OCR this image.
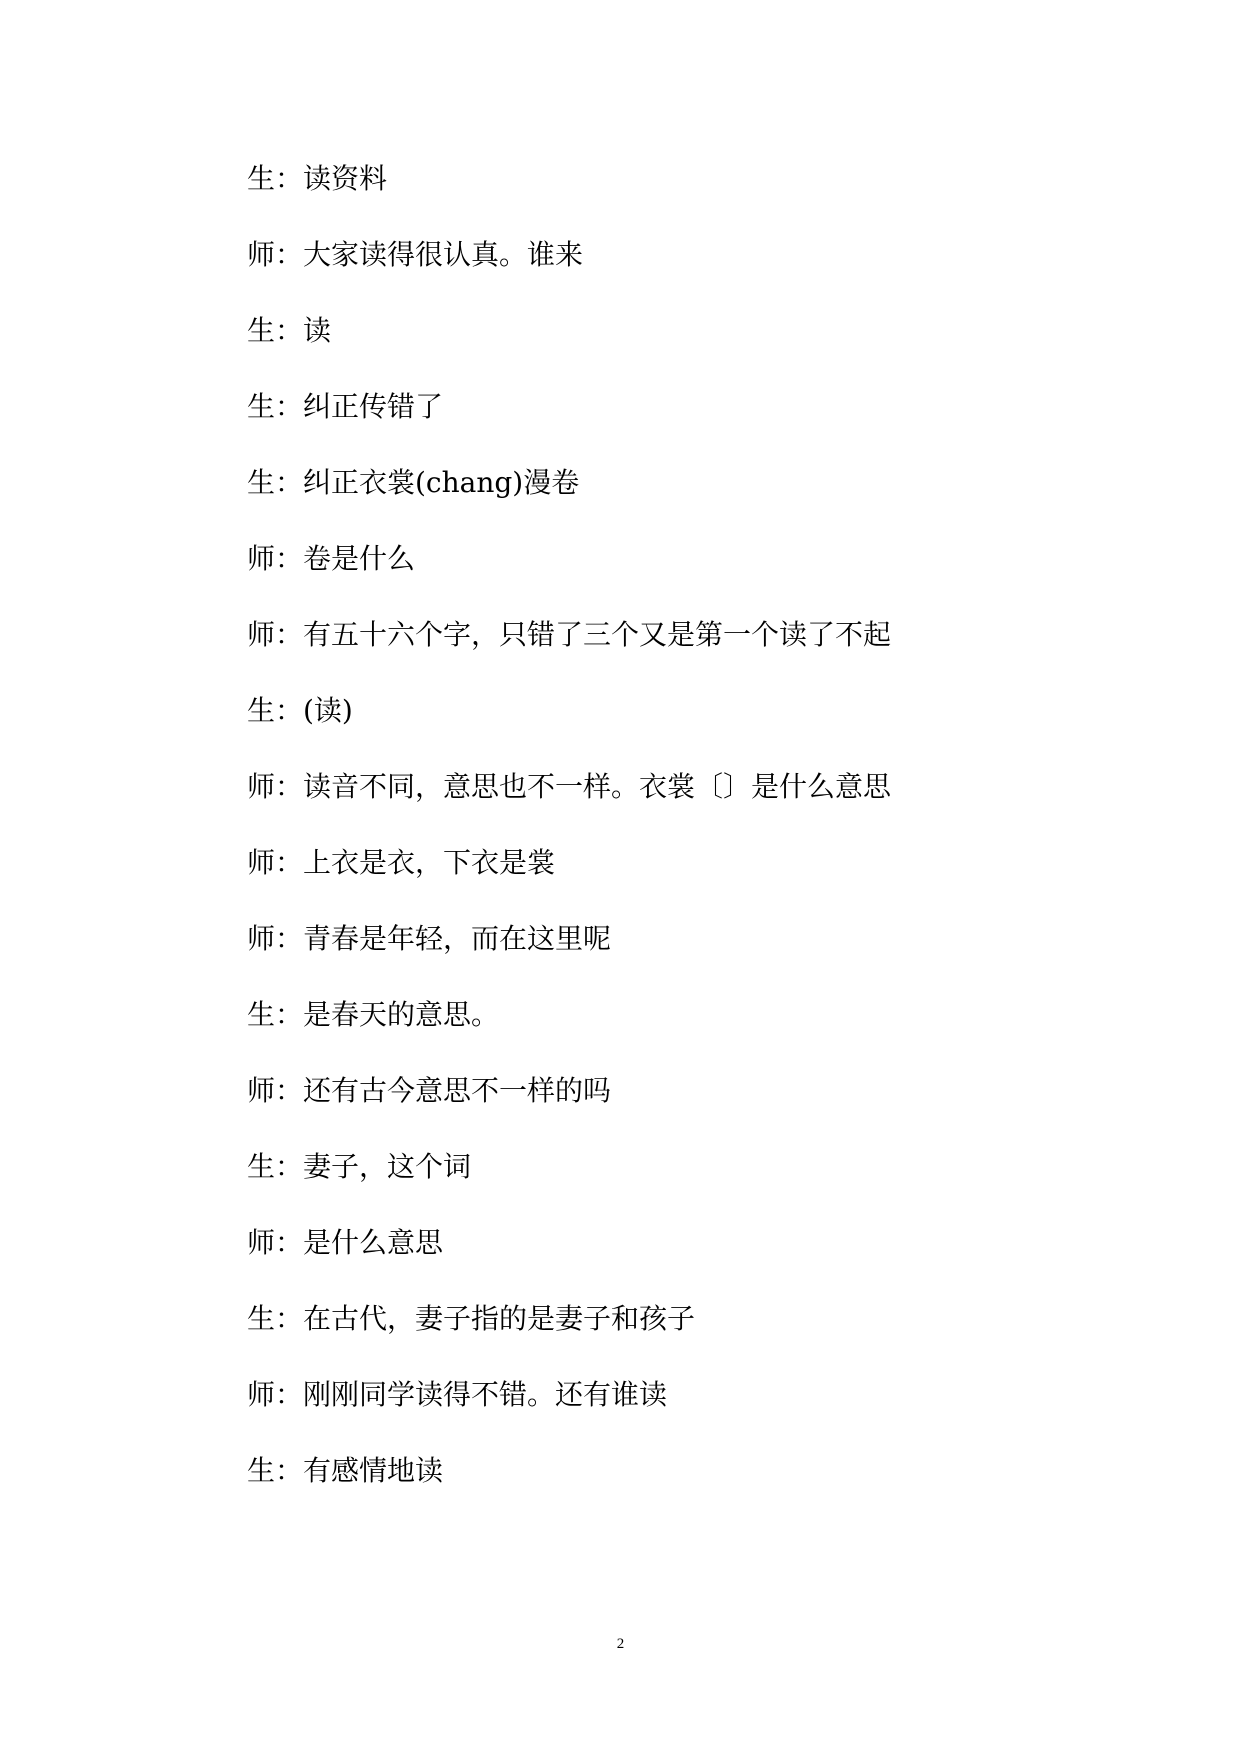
生：读资料
师：大家读得很认真。谁来
生：读
生：纠正传错了
生：纠正衣裳(chang)漫卷
师：卷是什么
师：有五十六个字，只错了三个又是第一个读了不起
生：(读)
师：读音不同，意思也不一样。衣裳〔〕是什么意思
师：上衣是衣，下衣是裳
师：青春是年轻，而在这里呢
生：是春天的意思。
师：还有古今意思不一样的吗
生：妻子，这个词
师：是什么意思
生：在古代，妻子指的是妻子和孩子
师：刚刚同学读得不错。还有谁读
生：有感情地读
2
